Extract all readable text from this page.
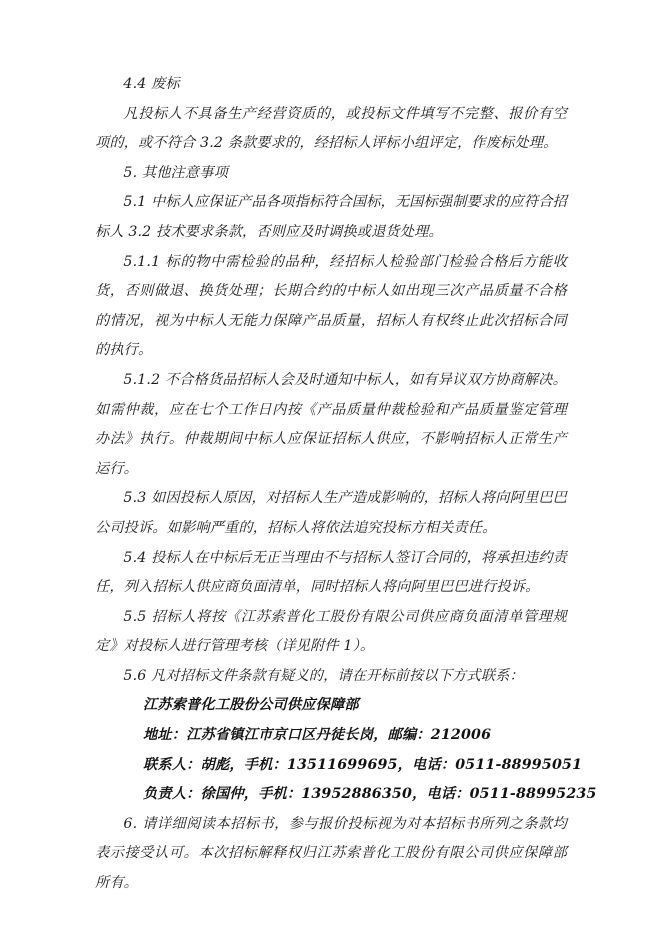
4.4 废标

凡投标人不具备生产经营资质的，或投标文件填写不完整、报价有空项的，或不符合 3.2 条款要求的，经招标人评标小组评定，作废标处理。

5. 其他注意事项

5.1 中标人应保证产品各项指标符合国标，无国标强制要求的应符合招标人 3.2 技术要求条款，否则应及时调换或退货处理。

5.1.1 标的物中需检验的品种，经招标人检验部门检验合格后方能收货，否则做退、换货处理；长期合约的中标人如出现三次产品质量不合格的情况，视为中标人无能力保障产品质量，招标人有权终止此次招标合同的执行。

5.1.2 不合格货品招标人会及时通知中标人，如有异议双方协商解决。如需仲裁，应在七个工作日内按《产品质量仲裁检验和产品质量鉴定管理办法》执行。仲裁期间中标人应保证招标人供应，不影响招标人正常生产运行。

5.3 如因投标人原因，对招标人生产造成影响的，招标人将向阿里巴巴公司投诉。如影响严重的，招标人将依法追究投标方相关责任。

5.4 投标人在中标后无正当理由不与招标人签订合同的，将承担违约责任，列入招标人供应商负面清单，同时招标人将向阿里巴巴进行投诉。

5.5 招标人将按《江苏索普化工股份有限公司供应商负面清单管理规定》对投标人进行管理考核（详见附件 1）。

5.6 凡对招标文件条款有疑义的，请在开标前按以下方式联系：

江苏索普化工股份公司供应保障部
地址：江苏省镇江市京口区丹徒长岗，邮编：212006
联系人：胡彪，手机：13511699695，电话：0511-88995051
负责人：徐国仲，手机：13952886350，电话：0511-88995235

6. 请详细阅读本招标书，参与报价投标视为对本招标书所列之条款均表示接受认可。本次招标解释权归江苏索普化工股份有限公司供应保障部所有。
